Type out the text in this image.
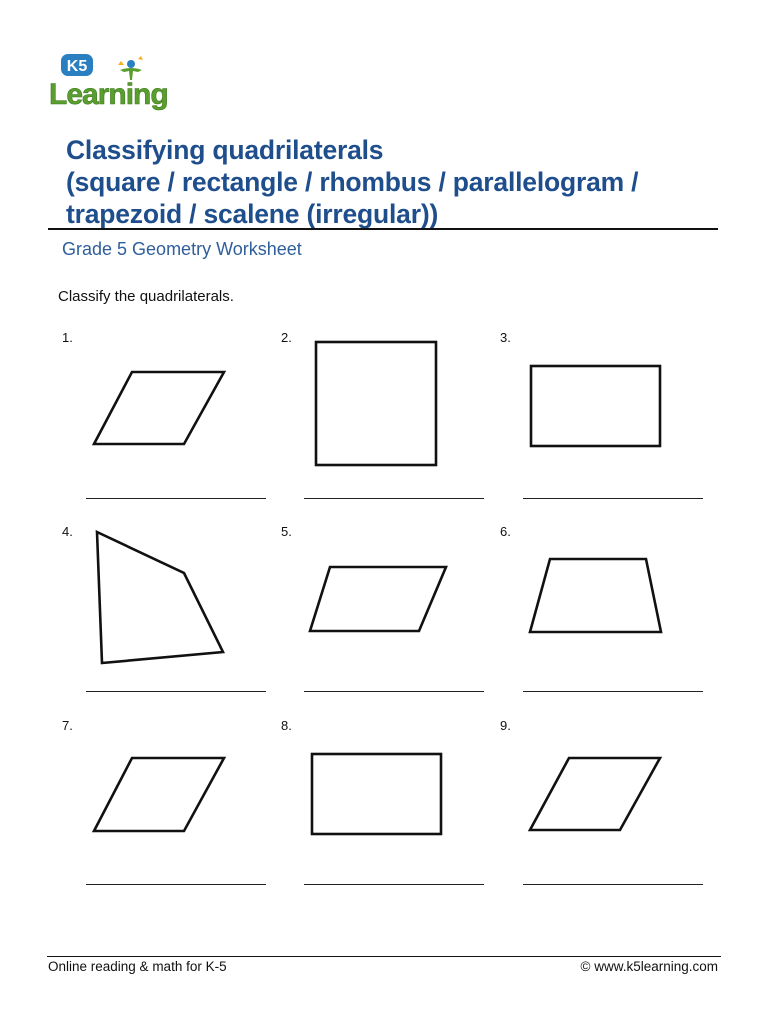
K5
Learning
Classifying quadrilaterals
(square / rectangle / rhombus / parallelogram /
trapezoid / scalene (irregular))
Grade 5 Geometry Worksheet
Classify the quadrilaterals.
1.	2.	3.
4.	5.	6.
7.	8.	9.
Online reading & math for K-5	© www.k5learning.com
